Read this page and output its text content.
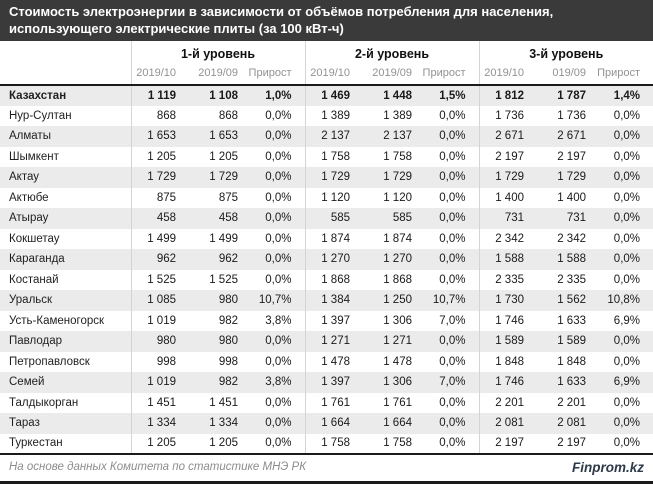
Стоимость электроэнергии в зависимости от объёмов потребления для населения,
использующего электрические плиты (за 100 кВт-ч)
	1-й уровень			2-й уровень			3-й уровень		
	2019/10	2019/09	Прирост	2019/10	2019/09	Прирост	2019/10	019/09	Прирост
Казахстан	1 119	1 108	1,0%	1 469	1 448	1,5%	1 812	1 787	1,4%
Нур-Султан	868	868	0,0%	1 389	1 389	0,0%	1 736	1 736	0,0%
Алматы	1 653	1 653	0,0%	2 137	2 137	0,0%	2 671	2 671	0,0%
Шымкент	1 205	1 205	0,0%	1 758	1 758	0,0%	2 197	2 197	0,0%
Актау	1 729	1 729	0,0%	1 729	1 729	0,0%	1 729	1 729	0,0%
Актюбе	875	875	0,0%	1 120	1 120	0,0%	1 400	1 400	0,0%
Атырау	458	458	0,0%	585	585	0,0%	731	731	0,0%
Кокшетау	1 499	1 499	0,0%	1 874	1 874	0,0%	2 342	2 342	0,0%
Караганда	962	962	0,0%	1 270	1 270	0,0%	1 588	1 588	0,0%
Костанай	1 525	1 525	0,0%	1 868	1 868	0,0%	2 335	2 335	0,0%
Уральск	1 085	980	10,7%	1 384	1 250	10,7%	1 730	1 562	10,8%
Усть-Каменогорск	1 019	982	3,8%	1 397	1 306	7,0%	1 746	1 633	6,9%
Павлодар	980	980	0,0%	1 271	1 271	0,0%	1 589	1 589	0,0%
Петропавловск	998	998	0,0%	1 478	1 478	0,0%	1 848	1 848	0,0%
Семей	1 019	982	3,8%	1 397	1 306	7,0%	1 746	1 633	6,9%
Талдыкорган	1 451	1 451	0,0%	1 761	1 761	0,0%	2 201	2 201	0,0%
Тараз	1 334	1 334	0,0%	1 664	1 664	0,0%	2 081	2 081	0,0%
Туркестан	1 205	1 205	0,0%	1 758	1 758	0,0%	2 197	2 197	0,0%
На основе данных Комитета по статистике МНЭ РК	Finprom.kz
